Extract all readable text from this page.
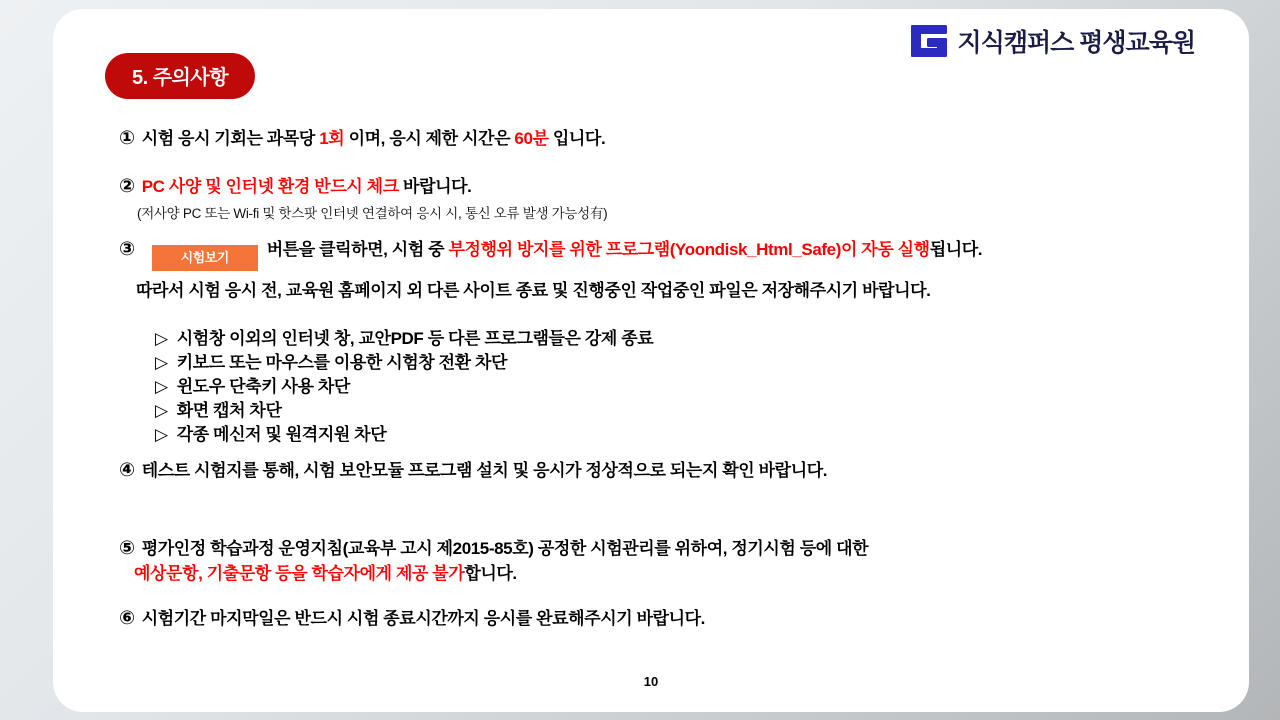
지식캠퍼스 평생교육원
5. 주의사항
① 시험 응시 기회는 과목당 1회 이며, 응시 제한 시간은 60분 입니다.
② PC 사양 및 인터넷 환경 반드시 체크 바랍니다.
(저사양 PC 또는 Wi-fi 및 핫스팟 인터넷 연결하여 응시 시, 통신 오류 발생 가능성有)
③	시험보기 버튼을 클릭하면, 시험 중 부정행위 방지를 위한 프로그램(Yoondisk_Html_Safe)이 자동 실행됩니다.
따라서 시험 응시 전, 교육원 홈페이지 외 다른 사이트 종료 및 진행중인 작업중인 파일은 저장해주시기 바랍니다.
▷ 시험창 이외의 인터넷 창, 교안PDF 등 다른 프로그램들은 강제 종료
▷ 키보드 또는 마우스를 이용한 시험창 전환 차단
▷ 윈도우 단축키 사용 차단
▷ 화면 캡처 차단
▷ 각종 메신저 및 원격지원 차단
④ 테스트 시험지를 통해, 시험 보안모듈 프로그램 설치 및 응시가 정상적으로 되는지 확인 바랍니다.
⑤ 평가인정 학습과정 운영지침(교육부 고시 제2015-85호) 공정한 시험관리를 위하여, 정기시험 등에 대한
예상문항, 기출문항 등을 학습자에게 제공 불가합니다.
⑥ 시험기간 마지막일은 반드시 시험 종료시간까지 응시를 완료해주시기 바랍니다.
10
